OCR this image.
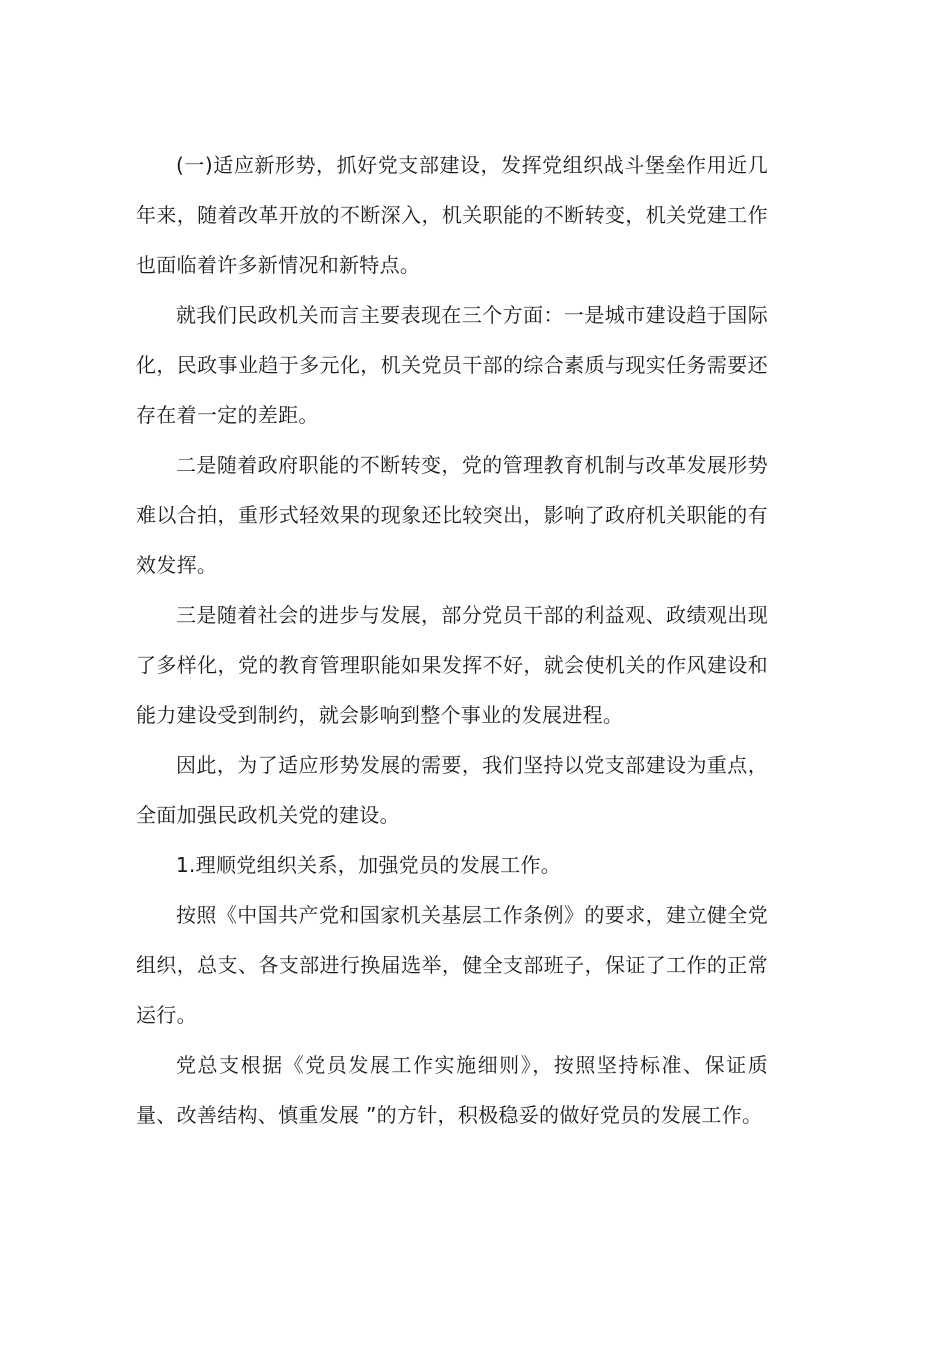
(一)适应新形势，抓好党支部建设，发挥党组织战斗堡垒作用近几年来，随着改革开放的不断深入，机关职能的不断转变，机关党建工作也面临着许多新情况和新特点。

就我们民政机关而言主要表现在三个方面：一是城市建设趋于国际化，民政事业趋于多元化，机关党员干部的综合素质与现实任务需要还存在着一定的差距。

二是随着政府职能的不断转变，党的管理教育机制与改革发展形势难以合拍，重形式轻效果的现象还比较突出，影响了政府机关职能的有效发挥。

三是随着社会的进步与发展，部分党员干部的利益观、政绩观出现了多样化，党的教育管理职能如果发挥不好，就会使机关的作风建设和能力建设受到制约，就会影响到整个事业的发展进程。

因此，为了适应形势发展的需要，我们坚持以党支部建设为重点，全面加强民政机关党的建设。

1.理顺党组织关系，加强党员的发展工作。

按照《中国共产党和国家机关基层工作条例》的要求，建立健全党组织，总支、各支部进行换届选举，健全支部班子，保证了工作的正常运行。

党总支根据《党员发展工作实施细则》，按照坚持标准、保证质量、改善结构、慎重发展 ”的方针，积极稳妥的做好党员的发展工作。
